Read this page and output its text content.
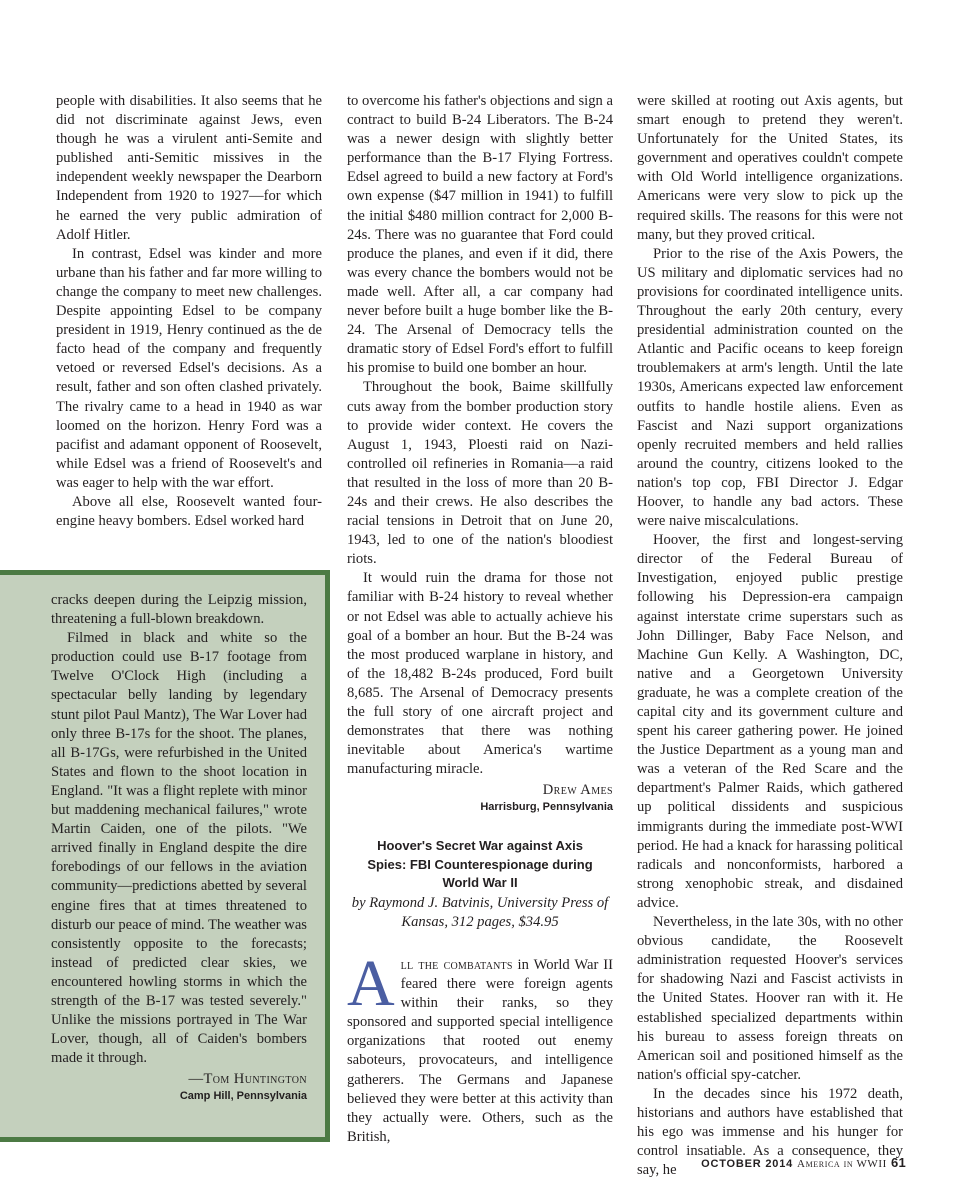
people with disabilities. It also seems that he did not discriminate against Jews, even though he was a virulent anti-Semite and published anti-Semitic missives in the independent weekly newspaper the Dearborn Independent from 1920 to 1927—for which he earned the very public admiration of Adolf Hitler.

In contrast, Edsel was kinder and more urbane than his father and far more willing to change the company to meet new challenges. Despite appointing Edsel to be company president in 1919, Henry continued as the de facto head of the company and frequently vetoed or reversed Edsel's decisions. As a result, father and son often clashed privately. The rivalry came to a head in 1940 as war loomed on the horizon. Henry Ford was a pacifist and adamant opponent of Roosevelt, while Edsel was a friend of Roosevelt's and was eager to help with the war effort.

Above all else, Roosevelt wanted four-engine heavy bombers. Edsel worked hard

cracks deepen during the Leipzig mission, threatening a full-blown breakdown.

Filmed in black and white so the production could use B-17 footage from Twelve O'Clock High (including a spectacular belly landing by legendary stunt pilot Paul Mantz), The War Lover had only three B-17s for the shoot. The planes, all B-17Gs, were refurbished in the United States and flown to the shoot location in England. "It was a flight replete with minor but maddening mechanical failures," wrote Martin Caiden, one of the pilots. "We arrived finally in England despite the dire forebodings of our fellows in the aviation community—predictions abetted by several engine fires that at times threatened to disturb our peace of mind. The weather was consistently opposite to the forecasts; instead of predicted clear skies, we encountered howling storms in which the strength of the B-17 was tested severely." Unlike the missions portrayed in The War Lover, though, all of Caiden's bombers made it through.

—Tom Huntington
Camp Hill, Pennsylvania

to overcome his father's objections and sign a contract to build B-24 Liberators. The B-24 was a newer design with slightly better performance than the B-17 Flying Fortress. Edsel agreed to build a new factory at Ford's own expense ($47 million in 1941) to fulfill the initial $480 million contract for 2,000 B-24s. There was no guarantee that Ford could produce the planes, and even if it did, there was every chance the bombers would not be made well. After all, a car company had never before built a huge bomber like the B-24. The Arsenal of Democracy tells the dramatic story of Edsel Ford's effort to fulfill his promise to build one bomber an hour.

Throughout the book, Baime skillfully cuts away from the bomber production story to provide wider context. He covers the August 1, 1943, Ploesti raid on Nazi-controlled oil refineries in Romania—a raid that resulted in the loss of more than 20 B-24s and their crews. He also describes the racial tensions in Detroit that on June 20, 1943, led to one of the nation's bloodiest riots.

It would ruin the drama for those not familiar with B-24 history to reveal whether or not Edsel was able to actually achieve his goal of a bomber an hour. But the B-24 was the most produced warplane in history, and of the 18,482 B-24s produced, Ford built 8,685. The Arsenal of Democracy presents the full story of one aircraft project and demonstrates that there was nothing inevitable about America's wartime manufacturing miracle.

Drew Ames
Harrisburg, Pennsylvania
Hoover's Secret War against Axis Spies: FBI Counterespionage during World War II
by Raymond J. Batvinis, University Press of Kansas, 312 pages, $34.95
All the combatants in World War II feared there were foreign agents within their ranks, so they sponsored and supported special intelligence organizations that rooted out enemy saboteurs, provocateurs, and intelligence gatherers. The Germans and Japanese believed they were better at this activity than they actually were. Others, such as the British,

were skilled at rooting out Axis agents, but smart enough to pretend they weren't. Unfortunately for the United States, its government and operatives couldn't compete with Old World intelligence organizations. Americans were very slow to pick up the required skills. The reasons for this were not many, but they proved critical.

Prior to the rise of the Axis Powers, the US military and diplomatic services had no provisions for coordinated intelligence units. Throughout the early 20th century, every presidential administration counted on the Atlantic and Pacific oceans to keep foreign troublemakers at arm's length. Until the late 1930s, Americans expected law enforcement outfits to handle hostile aliens. Even as Fascist and Nazi support organizations openly recruited members and held rallies around the country, citizens looked to the nation's top cop, FBI Director J. Edgar Hoover, to handle any bad actors. These were naive miscalculations.

Hoover, the first and longest-serving director of the Federal Bureau of Investigation, enjoyed public prestige following his Depression-era campaign against interstate crime superstars such as John Dillinger, Baby Face Nelson, and Machine Gun Kelly. A Washington, DC, native and a Georgetown University graduate, he was a complete creation of the capital city and its government culture and spent his career gathering power. He joined the Justice Department as a young man and was a veteran of the Red Scare and the department's Palmer Raids, which gathered up political dissidents and suspicious immigrants during the immediate post-WWI period. He had a knack for harassing political radicals and nonconformists, harbored a strong xenophobic streak, and disdained advice.

Nevertheless, in the late 30s, with no other obvious candidate, the Roosevelt administration requested Hoover's services for shadowing Nazi and Fascist activists in the United States. Hoover ran with it. He established specialized departments within his bureau to assess foreign threats on American soil and positioned himself as the nation's official spy-catcher.

In the decades since his 1972 death, historians and authors have established that his ego was immense and his hunger for control insatiable. As a consequence, they say, he	OCTOBER 2014 America in WWII 61
